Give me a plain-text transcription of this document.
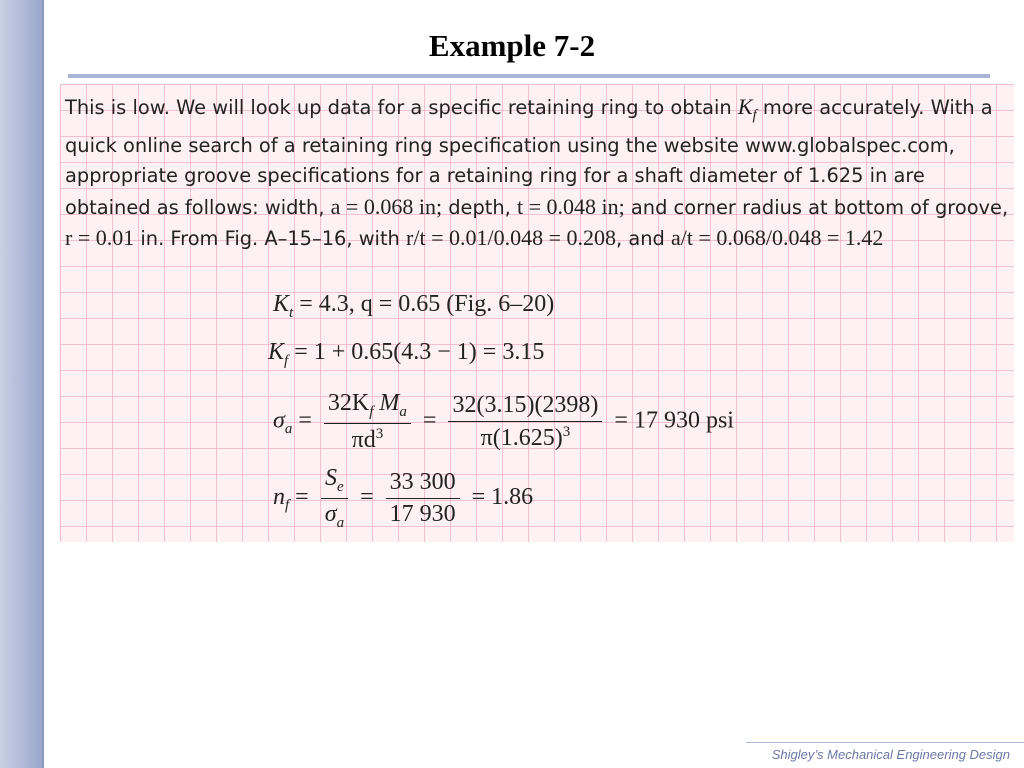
Example 7-2
This is low. We will look up data for a specific retaining ring to obtain $K_f$ more accurately. With a quick online search of a retaining ring specification using the website www.globalspec.com, appropriate groove specifications for a retaining ring for a shaft diameter of 1.625 in are obtained as follows: width, a = 0.068 in; depth, t = 0.048 in; and corner radius at bottom of groove, r = 0.01 in. From Fig. A–15–16, with r/t = 0.01/0.048 = 0.208, and a/t = 0.068/0.048 = 1.42
$K_t = 4.3$, q = 0.65 (Fig. 6–20)
$K_f = 1 + 0.65(4.3 - 1) = 3.15$
$\sigma_a = \frac{32K_f M_a}{\pi d^3} = \frac{32(3.15)(2398)}{\pi(1.625)^3} = 17$ 930 psi
$n_f = \frac{S_e}{\sigma_a} = \frac{33 300}{17 930} = 1.86$
Shigley’s Mechanical Engineering Design
